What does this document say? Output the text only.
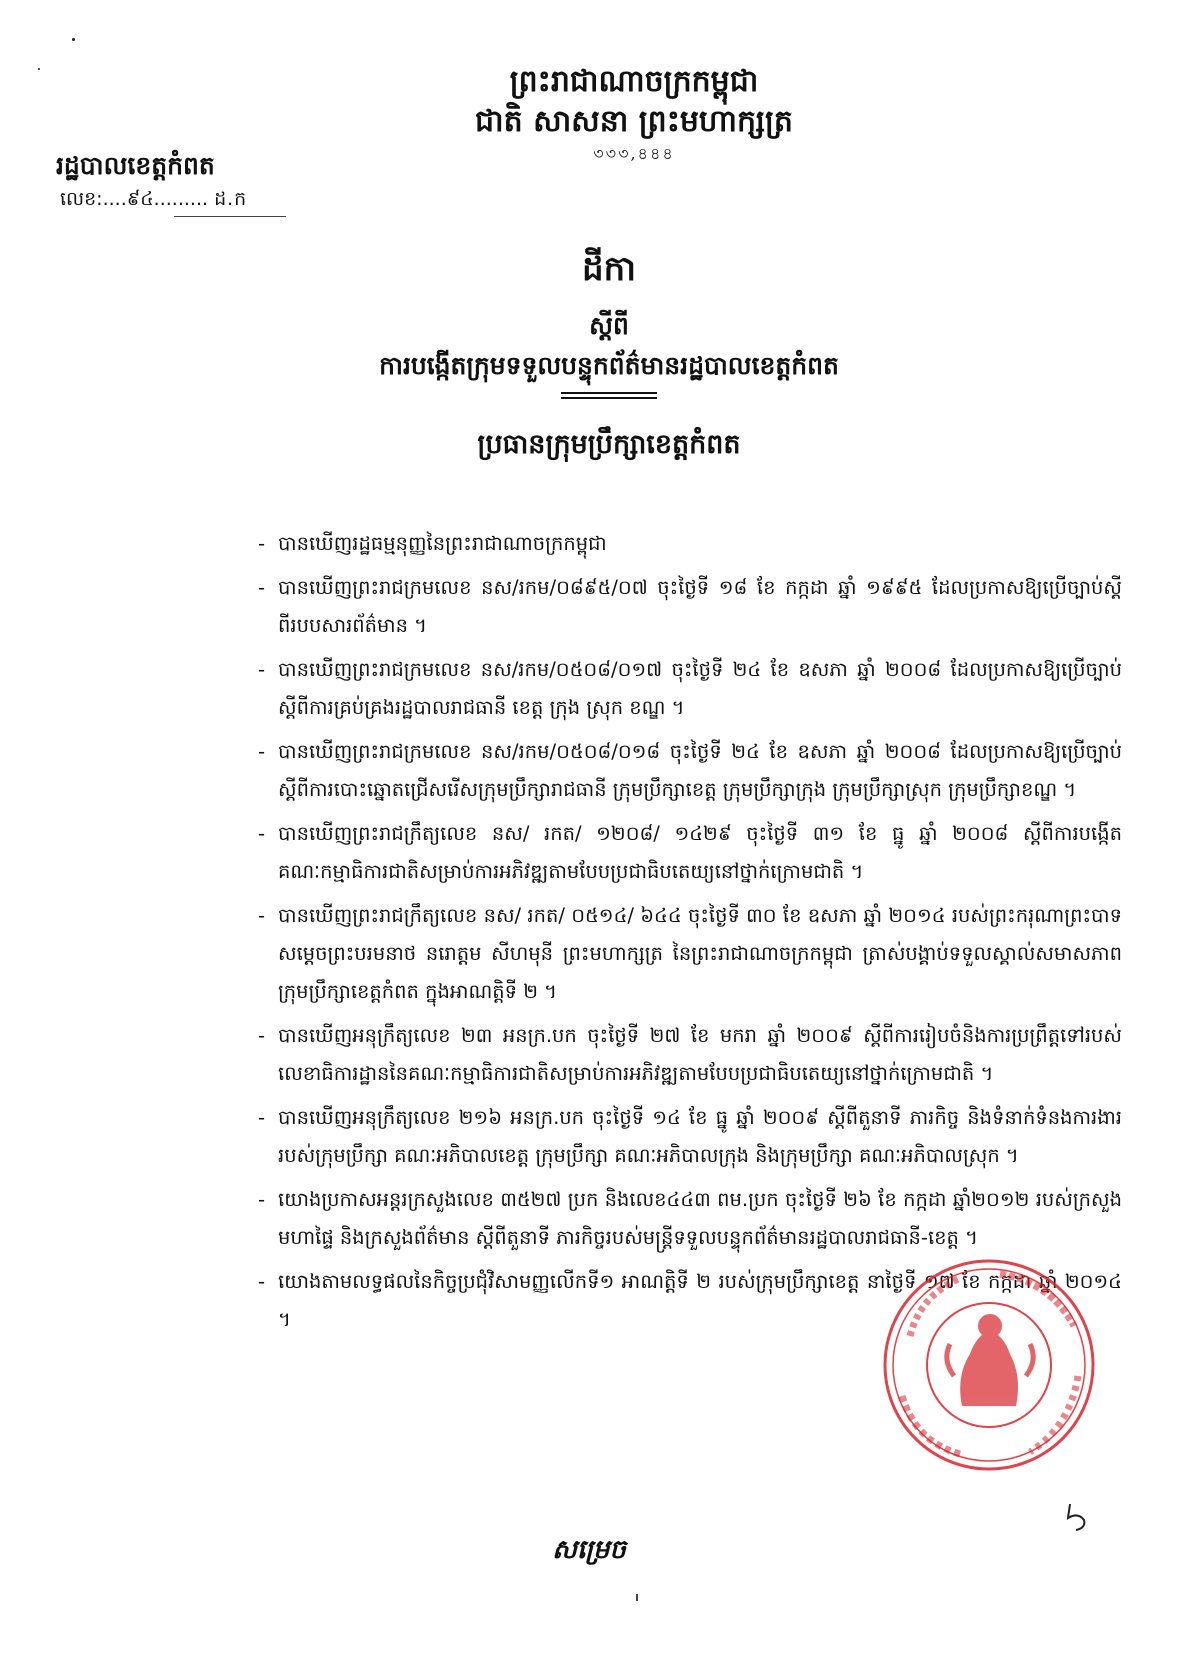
ព្រះរាជាណាចក្រកម្ពុជា
ជាតិ សាសនា ព្រះមហាក្សត្រ
৩৩৩,৪৪৪
រដ្ឋបាលខេត្តកំពត
លេខ:....៩៤......... ដ.ក
ដីកា
ស្ដីពី
ការបង្កើតក្រុមទទួលបន្ទុកព័ត៌មានរដ្ឋបាលខេត្តកំពត
ប្រធានក្រុមប្រឹក្សាខេត្តកំពត
- បានឃើញរដ្ឋធម្មនុញ្ញនៃព្រះរាជាណាចក្រកម្ពុជា
- បានឃើញព្រះរាជក្រមលេខ នស/រកម/០៨៩៥/០៧ ចុះថ្ងៃទី ១៨ ខែ កក្កដា ឆ្នាំ ១៩៩៥ ដែលប្រកាសឱ្យប្រើច្បាប់ស្ដីពីរបបសារព័ត៌មាន ។
- បានឃើញព្រះរាជក្រមលេខ នស/រកម/០៥០៨/០១៧ ចុះថ្ងៃទី ២៤ ខែ ឧសភា ឆ្នាំ ២០០៨ ដែលប្រកាសឱ្យប្រើច្បាប់ស្ដីពីការគ្រប់គ្រងរដ្ឋបាលរាជធានី ខេត្ត ក្រុង ស្រុក ខណ្ឌ ។
- បានឃើញព្រះរាជក្រមលេខ នស/រកម/០៥០៨/០១៨ ចុះថ្ងៃទី ២៤ ខែ ឧសភា ឆ្នាំ ២០០៨ ដែលប្រកាសឱ្យប្រើច្បាប់ស្ដីពីការបោះឆ្នោតជ្រើសរើសក្រុមប្រឹក្សារាជធានី ក្រុមប្រឹក្សាខេត្ត ក្រុមប្រឹក្សាក្រុង ក្រុមប្រឹក្សាស្រុក ក្រុមប្រឹក្សាខណ្ឌ ។
- បានឃើញព្រះរាជក្រឹត្យលេខ នស/ រកត/ ១២០៨/ ១៤២៩ ចុះថ្ងៃទី ៣១ ខែ ធ្នូ ឆ្នាំ ២០០៨ ស្ដីពីការបង្កើតគណៈកម្មាធិការជាតិសម្រាប់ការអភិវឌ្ឍតាមបែបប្រជាធិបតេយ្យនៅថ្នាក់ក្រោមជាតិ ។
- បានឃើញព្រះរាជក្រឹត្យលេខ នស/ រកត/ ០៥១៤/ ៦៤៤ ចុះថ្ងៃទី ៣០ ខែ ឧសភា ឆ្នាំ ២០១៤ របស់ព្រះករុណាព្រះបាទសម្ដេចព្រះបរមនាថ នរោត្តម សីហមុនី ព្រះមហាក្សត្រ នៃព្រះរាជាណាចក្រកម្ពុជា ត្រាស់បង្គាប់ទទួលស្គាល់សមាសភាពក្រុមប្រឹក្សាខេត្តកំពត ក្នុងអាណត្តិទី ២ ។
- បានឃើញអនុក្រឹត្យលេខ ២៣ អនក្រ.បក ចុះថ្ងៃទី ២៧ ខែ មករា ឆ្នាំ ២០០៩ ស្ដីពីការរៀបចំនិងការប្រព្រឹត្តទៅរបស់លេខាធិការដ្ឋាននៃគណៈកម្មាធិការជាតិសម្រាប់ការអភិវឌ្ឍតាមបែបប្រជាធិបតេយ្យនៅថ្នាក់ក្រោមជាតិ ។
- បានឃើញអនុក្រឹត្យលេខ ២១៦ អនក្រ.បក ចុះថ្ងៃទី ១៤ ខែ ធ្នូ ឆ្នាំ ២០០៩ ស្ដីពីតួនាទី ភារកិច្ច និងទំនាក់ទំនងការងាររបស់ក្រុមប្រឹក្សា គណៈអភិបាលខេត្ត ក្រុមប្រឹក្សា គណៈអភិបាលក្រុង និងក្រុមប្រឹក្សា គណៈអភិបាលស្រុក ។
- យោងប្រកាសអន្តរក្រសួងលេខ ៣៥២៧ ប្រក និងលេខ៤៤៣ ពម.ប្រក ចុះថ្ងៃទី ២៦ ខែ កក្កដា ឆ្នាំ២០១២ របស់ក្រសួងមហាផ្ទៃ និងក្រសួងព័ត៌មាន ស្ដីពីតួនាទី ភារកិច្ចរបស់មន្ត្រីទទួលបន្ទុកព័ត៌មានរដ្ឋបាលរាជធានី-ខេត្ត ។
- យោងតាមលទ្ធផលនៃកិច្ចប្រជុំវិសាមញ្ញលើកទី១ អាណត្តិទី ២ របស់ក្រុមប្រឹក្សាខេត្ត នាថ្ងៃទី ១៧ ខែ កក្កដា ឆ្នាំ ២០១៤ ។
សម្រេច
